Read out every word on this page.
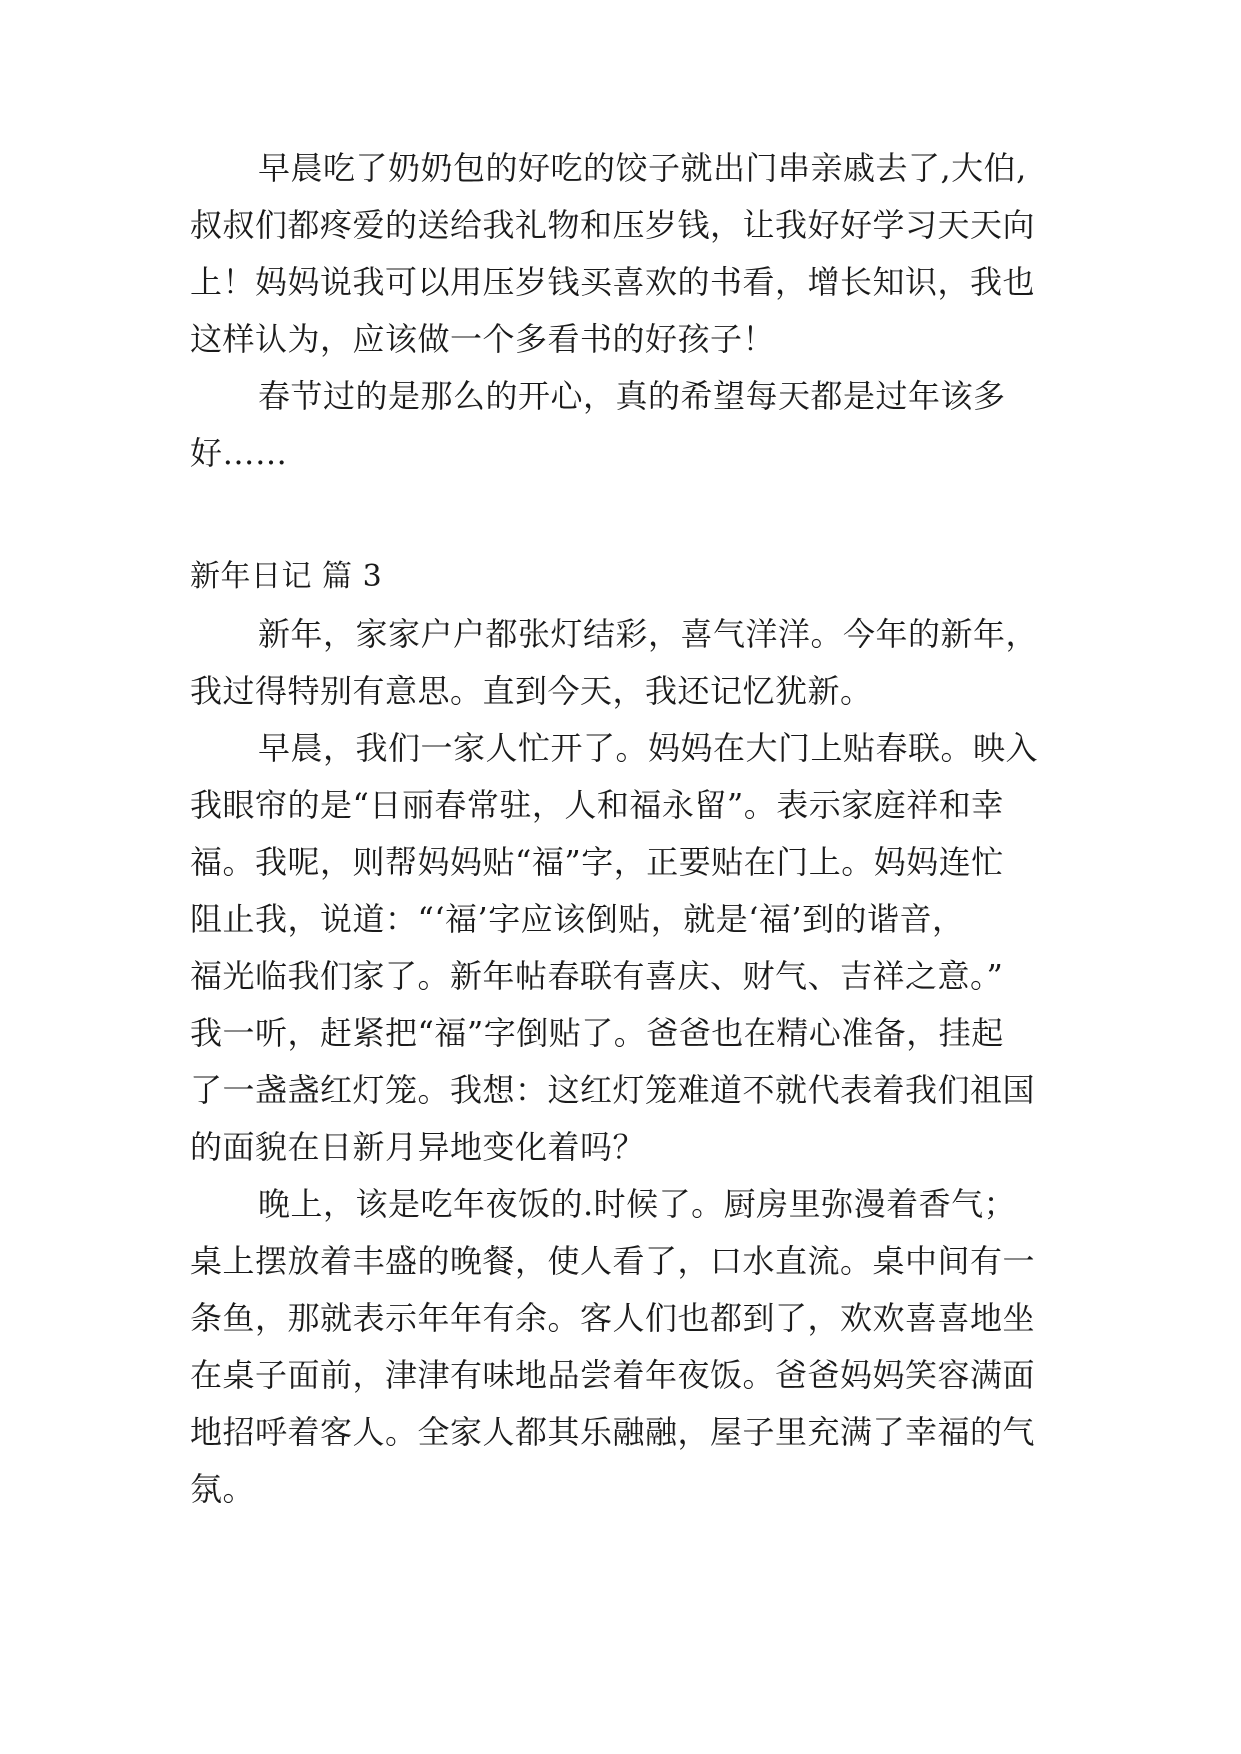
早晨吃了奶奶包的好吃的饺子就出门串亲戚去了,大伯,
叔叔们都疼爱的送给我礼物和压岁钱，让我好好学习天天向
上！妈妈说我可以用压岁钱买喜欢的书看，增长知识，我也
这样认为，应该做一个多看书的好孩子！
春节过的是那么的开心，真的希望每天都是过年该多
好……
新年日记 篇 3
新年，家家户户都张灯结彩，喜气洋洋。今年的新年，
我过得特别有意思。直到今天，我还记忆犹新。
早晨，我们一家人忙开了。妈妈在大门上贴春联。映入
我眼帘的是“日丽春常驻，人和福永留”。表示家庭祥和幸
福。我呢，则帮妈妈贴“福”字，正要贴在门上。妈妈连忙
阻止我，说道：“‘福’字应该倒贴，就是‘福’到的谐音，
福光临我们家了。新年帖春联有喜庆、财气、吉祥之意。”
我一听，赶紧把“福”字倒贴了。爸爸也在精心准备，挂起
了一盏盏红灯笼。我想：这红灯笼难道不就代表着我们祖国
的面貌在日新月异地变化着吗？
晚上，该是吃年夜饭的.时候了。厨房里弥漫着香气；
桌上摆放着丰盛的晚餐，使人看了，口水直流。桌中间有一
条鱼，那就表示年年有余。客人们也都到了，欢欢喜喜地坐
在桌子面前，津津有味地品尝着年夜饭。爸爸妈妈笑容满面
地招呼着客人。全家人都其乐融融，屋子里充满了幸福的气
氛。
